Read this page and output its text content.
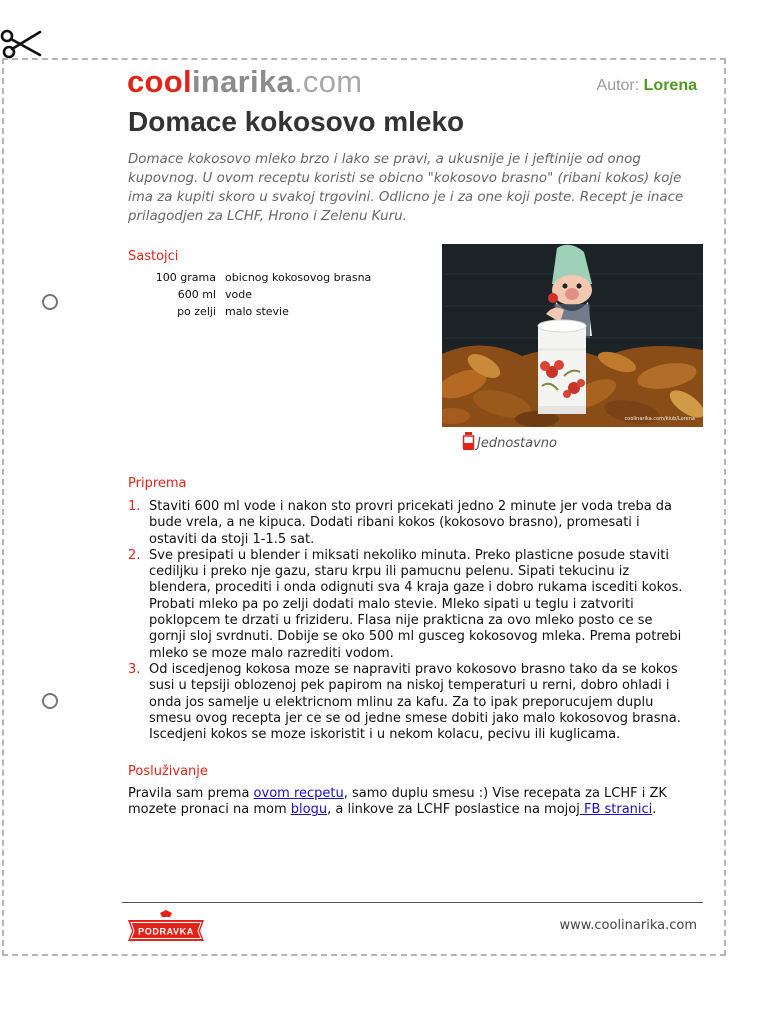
coolinarika.com	Autor: Lorena
Domace kokosovo mleko

Domace kokosovo mleko brzo i lako se pravi, a ukusnije je i jeftinije od onog kupovnog. U ovom receptu koristi se obicno "kokosovo brasno" (ribani kokos) koje ima za kupiti skoro u svakoj trgovini. Odlicno je i za one koji poste. Recept je inace prilagodjen za LCHF, Hrono i Zelenu Kuru.

Sastojci
100 grama	obicnog kokosovog brasna
600 ml	vode
po zelji	malo stevie
coolinarika.com/klub/Lorena
Jednostavno
Priprema
1. Staviti 600 ml vode i nakon sto provri pricekati jedno 2 minute jer voda treba da bude vrela, a ne kipuca. Dodati ribani kokos (kokosovo brasno), promesati i ostaviti da stoji 1-1.5 sat.
2. Sve presipati u blender i miksati nekoliko minuta. Preko plasticne posude staviti cediljku i preko nje gazu, staru krpu ili pamucnu pelenu. Sipati tekucinu iz blendera, procediti i onda odignuti sva 4 kraja gaze i dobro rukama iscediti kokos. Probati mleko pa po zelji dodati malo stevie. Mleko sipati u teglu i zatvoriti poklopcem te drzati u frizideru. Flasa nije prakticna za ovo mleko posto ce se gornji sloj svrdnuti. Dobije se oko 500 ml gusceg kokosovog mleka. Prema potrebi mleko se moze malo razrediti vodom.
3. Od iscedjenog kokosa moze se napraviti pravo kokosovo brasno tako da se kokos susi u tepsiji oblozenoj pek papirom na niskoj temperaturi u rerni, dobro ohladi i onda jos samelje u elektricnom mlinu za kafu. Za to ipak preporucujem duplu smesu ovog recepta jer ce se od jedne smese dobiti jako malo kokosovog brasna. Iscedjeni kokos se moze iskoristit i u nekom kolacu, pecivu ili kuglicama.
Posluživanje

Pravila sam prema ovom recpetu, samo duplu smesu :) Vise recepata za LCHF i ZK mozete pronaci na mom blogu, a linkove za LCHF poslastice na mojoj FB stranici.

PODRAVKA	www.coolinarika.com
